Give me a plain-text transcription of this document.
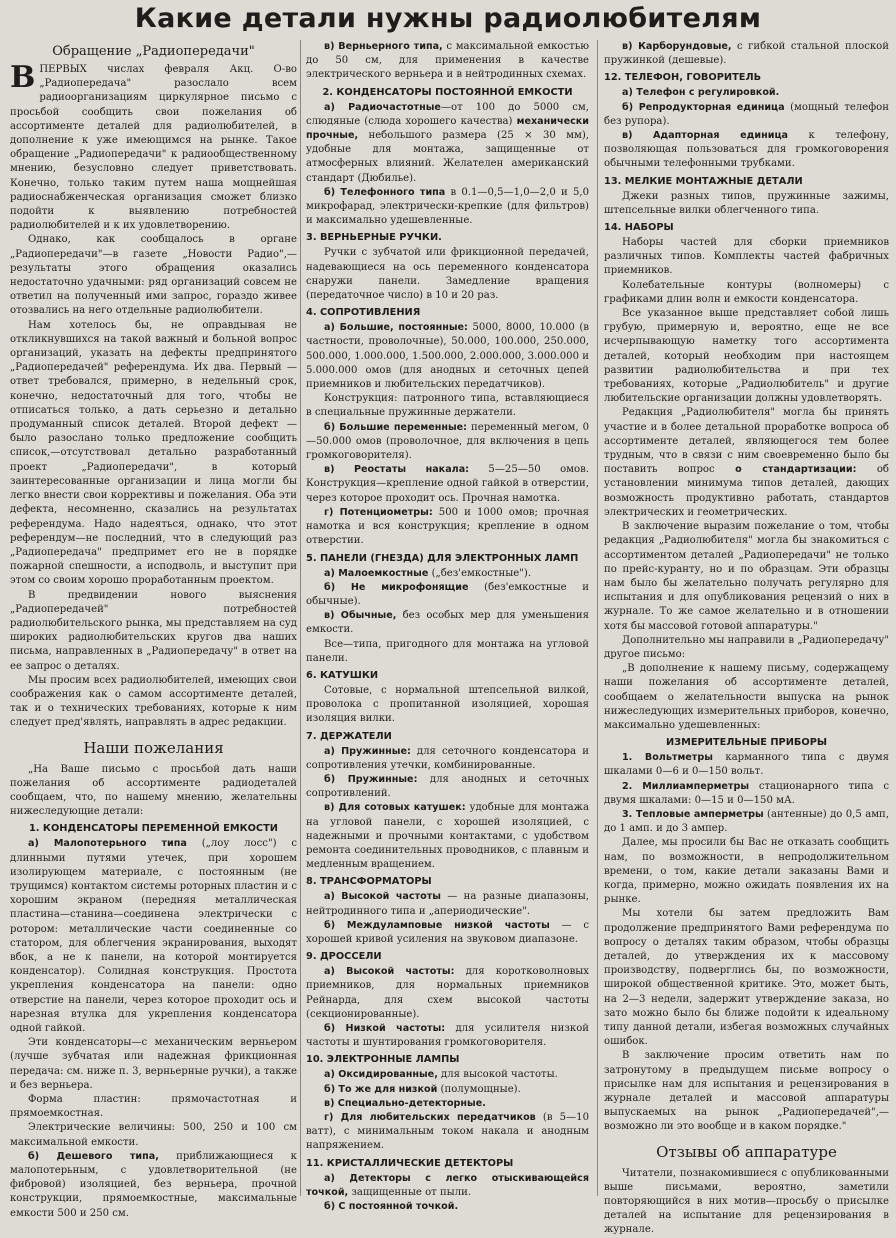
Какие детали нужны радиолюбителям
Обращение „Радиопередачи"

ВПЕРВЫХ числах февраля Акц. О-во „Радиопередача" разослало всем радиоорганизациям циркулярное письмо с просьбой сообщить свои пожелания об ассортименте деталей для радиолюбителей, в дополнение к уже имеющимся на рынке. Такое обращение „Радиопередачи" к радиообщественному мнению, безусловно следует приветствовать. Конечно, только таким путем наша мощнейшая радиоснабженческая организация сможет близко подойти к выявлению потребностей радиолюбителей и к их удовлетворению.

Однако, как сообщалось в органе „Радиопередачи"—в газете „Новости Радио",—результаты этого обращения оказались недостаточно удачными: ряд организаций совсем не ответил на полученный ими запрос, гораздо живее отозвались на него отдельные радиолюбители.

Нам хотелось бы, не оправдывая не откликнувшихся на такой важный и больной вопрос организаций, указать на дефекты предпринятого „Радиопередачей" референдума. Их два. Первый — ответ требовался, примерно, в недельный срок, конечно, недостаточный для того, чтобы не отписаться только, а дать серьезно и детально продуманный список деталей. Второй дефект — было разослано только предложение сообщить список,—отсутствовал детально разработанный проект „Радиопередачи", в который заинтересованные организации и лица могли бы легко внести свои коррективы и пожелания. Оба эти дефекта, несомненно, сказались на результатах референдума. Надо надеяться, однако, что этот референдум—не последний, что в следующий раз „Радиопередача" предпримет его не в порядке пожарной спешности, а исподволь, и выступит при этом со своим хорошо проработанным проектом.

В предвидении нового выяснения „Радиопередачей" потребностей радиолюбительского рынка, мы представляем на суд широких радиолюбительских кругов два наших письма, направленных в „Радиопередачу" в ответ на ее запрос о деталях.

Мы просим всех радиолюбителей, имеющих свои соображения как о самом ассортименте деталей, так и о технических требованиях, которые к ним следует пред'являть, направлять в адрес редакции.

Наши пожелания

„На Ваше письмо с просьбой дать наши пожелания об ассортименте радиодеталей сообщаем, что, по нашему мнению, желательны нижеследующие детали:

1. КОНДЕНСАТОРЫ ПЕРЕМЕННОЙ ЕМКОСТИ

а) Малопотерьного типа („лоу лосс") с длинными путями утечек, при хорошем изолирующем материале, с постоянным (не трущимся) контактом системы роторных пластин и с хорошим экраном (передняя металлическая пластина—станина—соединена электрически с ротором: металлические части соединенные со статором, для облегчения экранирования, выходят вбок, а не к панели, на которой монтируется конденсатор). Солидная конструкция. Простота укрепления конденсатора на панели: одно отверстие на панели, через которое проходит ось и нарезная втулка для укрепления конденсатора одной гайкой.

Эти конденсаторы—с механическим верньером (лучше зубчатая или надежная фрикционная передача: см. ниже п. 3, верньерные ручки), а также и без верньера.

Форма пластин: прямочастотная и прямоемкостная.

Электрические величины: 500, 250 и 100 см максимальной емкости.

б) Дешевого типа, приближающиеся к малопотерьным, с удовлетворительной (не фибровой) изоляцией, без верньера, прочной конструкции, прямоемкостные, максимальные емкости 500 и 250 см.

в) Верньерного типа, с максимальной емкостью до 50 см, для применения в качестве электрического верньера и в нейтродинных схемах.

2. КОНДЕНСАТОРЫ ПОСТОЯННОЙ ЕМКОСТИ

а) Радиочастотные—от 100 до 5000 см, слюдяные (слюда хорошего качества) механически прочные, небольшого размера (25 × 30 мм), удобные для монтажа, защищенные от атмосферных влияний. Желателен американский стандарт (Дюбилье).

б) Телефонного типа в 0.1—0,5—1,0—2,0 и 5,0 микрофарад, электрически-крепкие (для фильтров) и максимально удешевленные.

3. ВЕРНЬЕРНЫЕ РУЧКИ.

Ручки с зубчатой или фрикционной передачей, надевающиеся на ось переменного конденсатора снаружи панели. Замедление вращения (передаточное число) в 10 и 20 раз.

4. СОПРОТИВЛЕНИЯ

а) Большие, постоянные: 5000, 8000, 10.000 (в частности, проволочные), 50.000, 100.000, 250.000, 500.000, 1.000.000, 1.500.000, 2.000.000, 3.000.000 и 5.000.000 омов (для анодных и сеточных цепей приемников и любительских передатчиков).

Конструкция: патронного типа, вставляющиеся в специальные пружинные держатели.

б) Большие переменные: переменный мегом, 0—50.000 омов (проволочное, для включения в цепь громкоговорителя).

в) Реостаты накала: 5—25—50 омов. Конструкция—крепление одной гайкой в отверстии, через которое проходит ось. Прочная намотка.

г) Потенциометры: 500 и 1000 омов; прочная намотка и вся конструкция; крепление в одном отверстии.

5. ПАНЕЛИ (ГНЕЗДА) ДЛЯ ЭЛЕКТРОННЫХ ЛАМП

а) Малоемкостные („без'емкостные").

б) Не микрофонящие (без'емкостные и обычные).

в) Обычные, без особых мер для уменьшения емкости.

Все—типа, пригодного для монтажа на угловой панели.

6. КАТУШКИ

Сотовые, с нормальной штепсельной вилкой, проволока с пропитанной изоляцией, хорошая изоляция вилки.

7. ДЕРЖАТЕЛИ

а) Пружинные: для сеточного конденсатора и сопротивления утечки, комбинированные.

б) Пружинные: для анодных и сеточных сопротивлений.

в) Для сотовых катушек: удобные для монтажа на угловой панели, с хорошей изоляцией, с надежными и прочными контактами, с удобством ремонта соединительных проводников, с плавным и медленным вращением.

8. ТРАНСФОРМАТОРЫ

а) Высокой частоты — на разные диапазоны, нейтродинного типа и „апериодические".

б) Междуламповые низкой частоты — с хорошей кривой усиления на звуковом диапазоне.

9. ДРОССЕЛИ

а) Высокой частоты: для коротковолновых приемников, для нормальных приемников Рейнарда, для схем высокой частоты (секционированные).

б) Низкой частоты: для усилителя низкой частоты и шунтирования громкоговорителя.

10. ЭЛЕКТРОННЫЕ ЛАМПЫ

а) Оксидированные, для высокой частоты.

б) То же для низкой (полумощные).

в) Специально-детекторные.

г) Для любительских передатчиков (в 5—10 ватт), с минимальным током накала и анодным напряжением.

11. КРИСТАЛЛИЧЕСКИЕ ДЕТЕКТОРЫ

а) Детекторы с легко отыскивающейся точкой, защищенные от пыли.

б) С постоянной точкой.

в) Карборундовые, с гибкой стальной плоской пружинкой (дешевые).

12. ТЕЛЕФОН, ГОВОРИТЕЛЬ

а) Телефон с регулировкой.

б) Репродукторная единица (мощный телефон без рупора).

в) Адапторная единица к телефону, позволяющая пользоваться для громкоговорения обычными телефонными трубками.

13. МЕЛКИЕ МОНТАЖНЫЕ ДЕТАЛИ

Джеки разных типов, пружинные зажимы, штепсельные вилки облегченного типа.

14. НАБОРЫ

Наборы частей для сборки приемников различных типов. Комплекты частей фабричных приемников.

Колебательные контуры (волномеры) с графиками длин волн и емкости конденсатора.

Все указанное выше представляет собой лишь грубую, примерную и, вероятно, еще не все исчерпывающую наметку того ассортимента деталей, который необходим при настоящем развитии радиолюбительства и при тех требованиях, которые „Радиолюбитель" и другие любительские организации должны удовлетворять.

Редакция „Радиолюбителя" могла бы принять участие и в более детальной проработке вопроса об ассортименте деталей, являющегося тем более трудным, что в связи с ним своевременно было бы поставить вопрос о стандартизации: об установлении минимума типов деталей, дающих возможность продуктивно работать, стандартов электрических и геометрических.

В заключение выразим пожелание о том, чтобы редакция „Радиолюбителя" могла бы знакомиться с ассортиментом деталей „Радиопередачи" не только по прейс-куранту, но и по образцам. Эти образцы нам было бы желательно получать регулярно для испытания и для опубликования рецензий о них в журнале. То же самое желательно и в отношении хотя бы массовой готовой аппаратуры."

Дополнительно мы направили в „Радиопередачу" другое письмо:

„В дополнение к нашему письму, содержащему наши пожелания об ассортименте деталей, сообщаем о желательности выпуска на рынок нижеследующих измерительных приборов, конечно, максимально удешевленных:

ИЗМЕРИТЕЛЬНЫЕ ПРИБОРЫ

1. Вольтметры карманного типа с двумя шкалами 0—6 и 0—150 вольт.

2. Миллиамперметры стационарного типа с двумя шкалами: 0—15 и 0—150 мА.

3. Тепловые амперметры (антенные) до 0,5 амп, до 1 амп. и до 3 ампер.

Далее, мы просили бы Вас не отказать сообщить нам, по возможности, в непродолжительном времени, о том, какие детали заказаны Вами и когда, примерно, можно ожидать появления их на рынке.

Мы хотели бы затем предложить Вам продолжение предпринятого Вами референдума по вопросу о деталях таким образом, чтобы образцы деталей, до утверждения их к массовому производству, подверглись бы, по возможности, широкой общественной критике. Это, может быть, на 2—3 недели, задержит утверждение заказа, но зато можно было бы ближе подойти к идеальному типу данной детали, избегая возможных случайных ошибок.

В заключение просим ответить нам по затронутому в предыдущем письме вопросу о присылке нам для испытания и рецензирования в журнале деталей и массовой аппаратуры выпускаемых на рынок „Радиопередачей",—возможно ли это вообще и в каком порядке."

Отзывы об аппаратуре

Читатели, познакомившиеся с опубликованными выше письмами, вероятно, заметили повторяющийся в них мотив—просьбу о присылке деталей на испытание для рецензирования в журнале.
